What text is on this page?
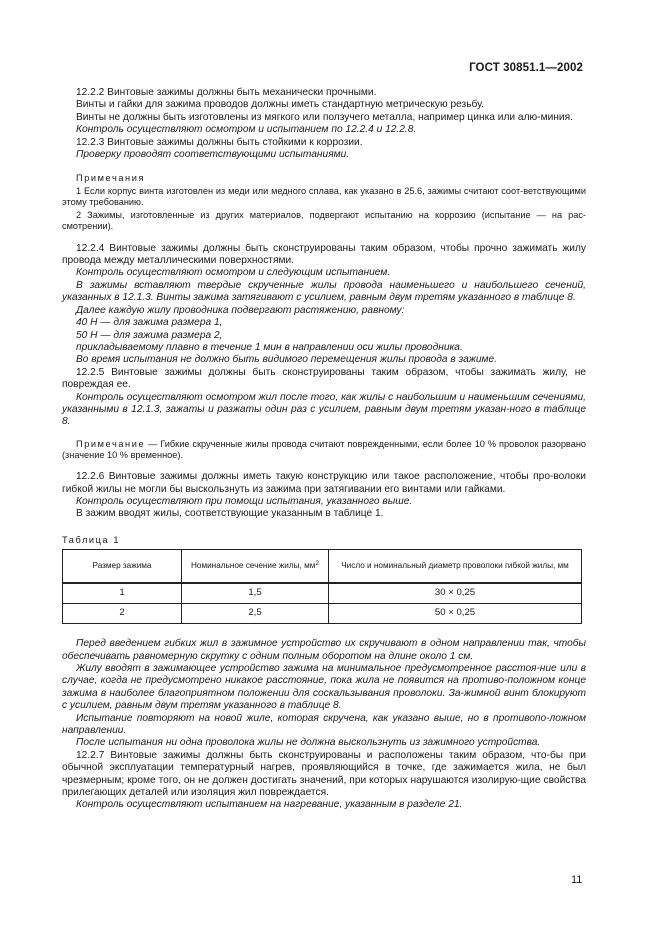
ГОСТ 30851.1—2002

12.2.2 Винтовые зажимы должны быть механически прочными.

Винты и гайки для зажима проводов должны иметь стандартную метрическую резьбу.

Винты не должны быть изготовлены из мягкого или ползучего металла, например цинка или алю-миния.

Контроль осуществляют осмотром и испытанием по 12.2.4 и 12.2.8.

12.2.3 Винтовые зажимы должны быть стойкими к коррозии.

Проверку проводят соответствующими испытаниями.

Примечания

1 Если корпус винта изготовлен из меди или медного сплава, как указано в 25.6, зажимы считают соот-ветствующими этому требованию.

2 Зажимы, изготовленные из других материалов, подвергают испытанию на коррозию (испытание — на рас-смотрении).

12.2.4 Винтовые зажимы должны быть сконструированы таким образом, чтобы прочно зажимать жилу провода между металлическими поверхностями.

Контроль осуществляют осмотром и следующим испытанием.

В зажимы вставляют твердые скрученные жилы провода наименьшего и наибольшего сечений, указанных в 12.1.3. Винты зажима затягивают с усилием, равным двум третям указанного в таблице 8.

Далее каждую жилу проводника подвергают растяжению, равному:

40 Н — для зажима размера 1,

50 Н — для зажима размера 2,

прикладываемому плавно в течение 1 мин в направлении оси жилы проводника.

Во время испытания не должно быть видимого перемещения жилы провода в зажиме.

12.2.5 Винтовые зажимы должны быть сконструированы таким образом, чтобы зажимать жилу, не повреждая ее.

Контроль осуществляют осмотром жил после того, как жилы с наибольшим и наименьшим сечениями, указанными в 12.1.3, зажаты и разжаты один раз с усилием, равным двум третям указан-ного в таблице 8.

Примечание — Гибкие скрученные жилы провода считают поврежденными, если более 10 % проволок разорвано (значение 10 % временное).

12.2.6 Винтовые зажимы должны иметь такую конструкцию или такое расположение, чтобы про-волоки гибкой жилы не могли бы выскользнуть из зажима при затягивании его винтами или гайками.

Контроль осуществляют при помощи испытания, указанного выше.

В зажим вводят жилы, соответствующие указанным в таблице 1.

Таблица 1
Размер зажима	Номинальное сечение жилы, $мм^2$	Число и номинальный диаметр проволоки гибкой жилы, мм
1	1,5	30 × 0,25
2	2,5	50 × 0,25

Перед введением гибких жил в зажимное устройство их скручивают в одном направлении так, чтобы обеспечивать равномерную скрутку с одним полным оборотом на длине около 1 см.

Жилу вводят в зажимающее устройство зажима на минимальное предусмотренное расстоя-ние или в случае, когда не предусмотрено никакое расстояние, пока жила не появится на противо-положном конце зажима в наиболее благоприятном положении для соскальзывания проволоки. За-жимной винт блокируют с усилием, равным двум третям указанного в таблице 8.

Испытание повторяют на новой жиле, которая скручена, как указано выше, но в противопо-ложном направлении.

После испытания ни одна проволока жилы не должна выскользнуть из зажимного устройства.

12.2.7 Винтовые зажимы должны быть сконструированы и расположены таким образом, что-бы при обычной эксплуатации температурный нагрев, проявляющийся в точке, где зажимается жила, не был чрезмерным; кроме того, он не должен достигать значений, при которых нарушаются изолирую-щие свойства прилегающих деталей или изоляция жил повреждается.

Контроль осуществляют испытанием на нагревание, указанным в разделе 21.

11
